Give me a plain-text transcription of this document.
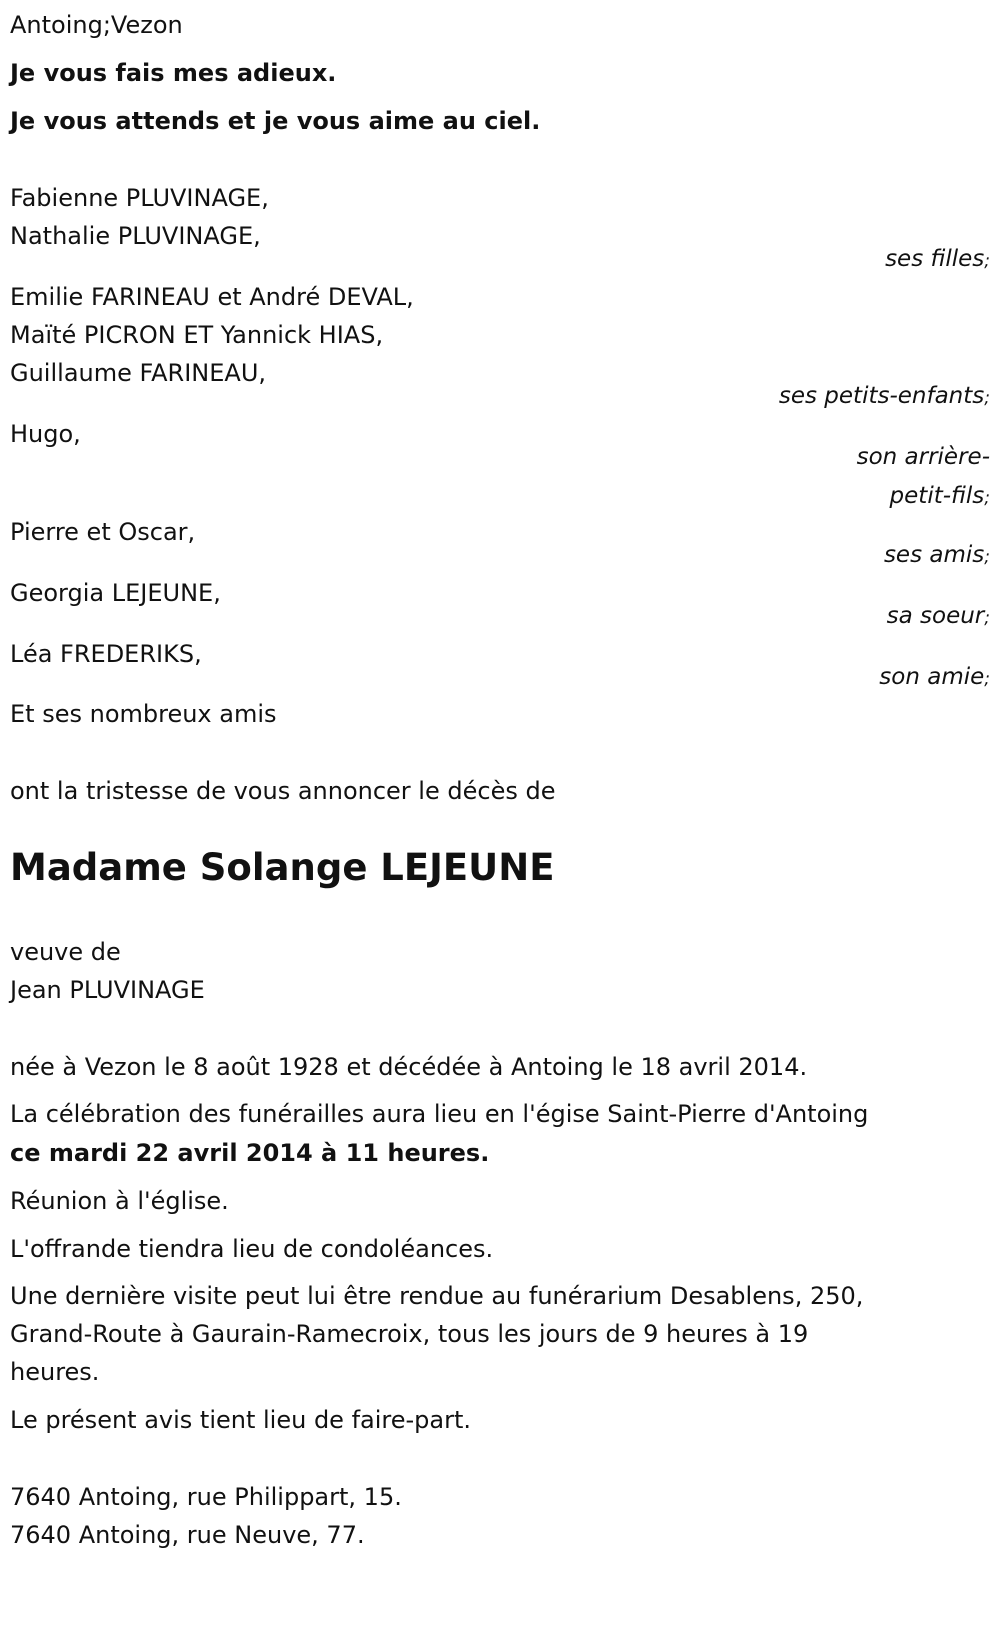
Antoing;Vezon
Je vous fais mes adieux.
Je vous attends et je vous aime au ciel.
Fabienne PLUVINAGE,
Nathalie PLUVINAGE,
ses filles;
Emilie FARINEAU et André DEVAL,
Maïté PICRON ET Yannick HIAS,
Guillaume FARINEAU,
ses petits-enfants;
Hugo,
son arrière-
petit-fils;
Pierre et Oscar,
ses amis;
Georgia LEJEUNE,
sa soeur;
Léa FREDERIKS,
son amie;
Et ses nombreux amis
ont la tristesse de vous annoncer le décès de
Madame Solange LEJEUNE
veuve de
Jean PLUVINAGE
née à Vezon le 8 août 1928 et décédée à Antoing le 18 avril 2014.
La célébration des funérailles aura lieu en l'égise Saint-Pierre d'Antoing
ce mardi 22 avril 2014 à 11 heures.
Réunion à l'église.
L'offrande tiendra lieu de condoléances.
Une dernière visite peut lui être rendue au funérarium Desablens, 250,
Grand-Route à Gaurain-Ramecroix, tous les jours de 9 heures à 19
heures.
Le présent avis tient lieu de faire-part.
7640 Antoing, rue Philippart, 15.
7640 Antoing, rue Neuve, 77.
